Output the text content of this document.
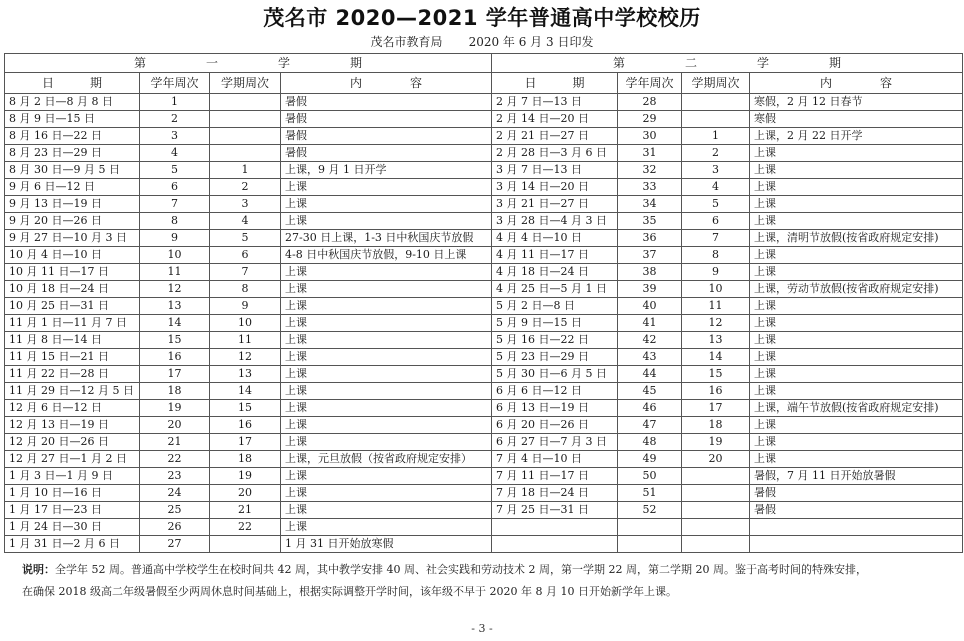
茂名市 2020—2021 学年普通高中学校校历
茂名市教育局 2020 年 6 月 3 日印发
第　　　　　一　　　　　学　　　　　期				第　　　　　二　　　　　学　　　　　期			
日　　　期	学年周次	学期周次	内　　　　容	日　　　期	学年周次	学期周次	内　　　　容
8 月 2 日—8 月 8 日	1		暑假	2 月 7 日—13 日	28		寒假，2 月 12 日春节
8 月 9 日—15 日	2		暑假	2 月 14 日—20 日	29		寒假
8 月 16 日—22 日	3		暑假	2 月 21 日—27 日	30	1	上课，2 月 22 日开学
8 月 23 日—29 日	4		暑假	2 月 28 日—3 月 6 日	31	2	上课
8 月 30 日—9 月 5 日	5	1	上课，9 月 1 日开学	3 月 7 日—13 日	32	3	上课
9 月 6 日—12 日	6	2	上课	3 月 14 日—20 日	33	4	上课
9 月 13 日—19 日	7	3	上课	3 月 21 日—27 日	34	5	上课
9 月 20 日—26 日	8	4	上课	3 月 28 日—4 月 3 日	35	6	上课
9 月 27 日—10 月 3 日	9	5	27-30 日上课，1-3 日中秋国庆节放假	4 月 4 日—10 日	36	7	上课，清明节放假(按省政府规定安排)
10 月 4 日—10 日	10	6	4-8 日中秋国庆节放假，9-10 日上课	4 月 11 日—17 日	37	8	上课
10 月 11 日—17 日	11	7	上课	4 月 18 日—24 日	38	9	上课
10 月 18 日—24 日	12	8	上课	4 月 25 日—5 月 1 日	39	10	上课，劳动节放假(按省政府规定安排)
10 月 25 日—31 日	13	9	上课	5 月 2 日—8 日	40	11	上课
11 月 1 日—11 月 7 日	14	10	上课	5 月 9 日—15 日	41	12	上课
11 月 8 日—14 日	15	11	上课	5 月 16 日—22 日	42	13	上课
11 月 15 日—21 日	16	12	上课	5 月 23 日—29 日	43	14	上课
11 月 22 日—28 日	17	13	上课	5 月 30 日—6 月 5 日	44	15	上课
11 月 29 日—12 月 5 日	18	14	上课	6 月 6 日—12 日	45	16	上课
12 月 6 日—12 日	19	15	上课	6 月 13 日—19 日	46	17	上课，端午节放假(按省政府规定安排)
12 月 13 日—19 日	20	16	上课	6 月 20 日—26 日	47	18	上课
12 月 20 日—26 日	21	17	上课	6 月 27 日—7 月 3 日	48	19	上课
12 月 27 日—1 月 2 日	22	18	上课，元旦放假（按省政府规定安排）	7 月 4 日—10 日	49	20	上课
1 月 3 日—1 月 9 日	23	19	上课	7 月 11 日—17 日	50		暑假，7 月 11 日开始放暑假
1 月 10 日—16 日	24	20	上课	7 月 18 日—24 日	51		暑假
1 月 17 日—23 日	25	21	上课	7 月 25 日—31 日	52		暑假
1 月 24 日—30 日	26	22	上课				
1 月 31 日—2 月 6 日	27		1 月 31 日开始放寒假				
说明：全学年 52 周。普通高中学校学生在校时间共 42 周，其中教学安排 40 周、社会实践和劳动技术 2 周，第一学期 22 周，第二学期 20 周。鉴于高考时间的特殊安排，
在确保 2018 级高二年级暑假至少两周休息时间基础上，根据实际调整开学时间，该年级不早于 2020 年 8 月 10 日开始新学年上课。
- 3 -
